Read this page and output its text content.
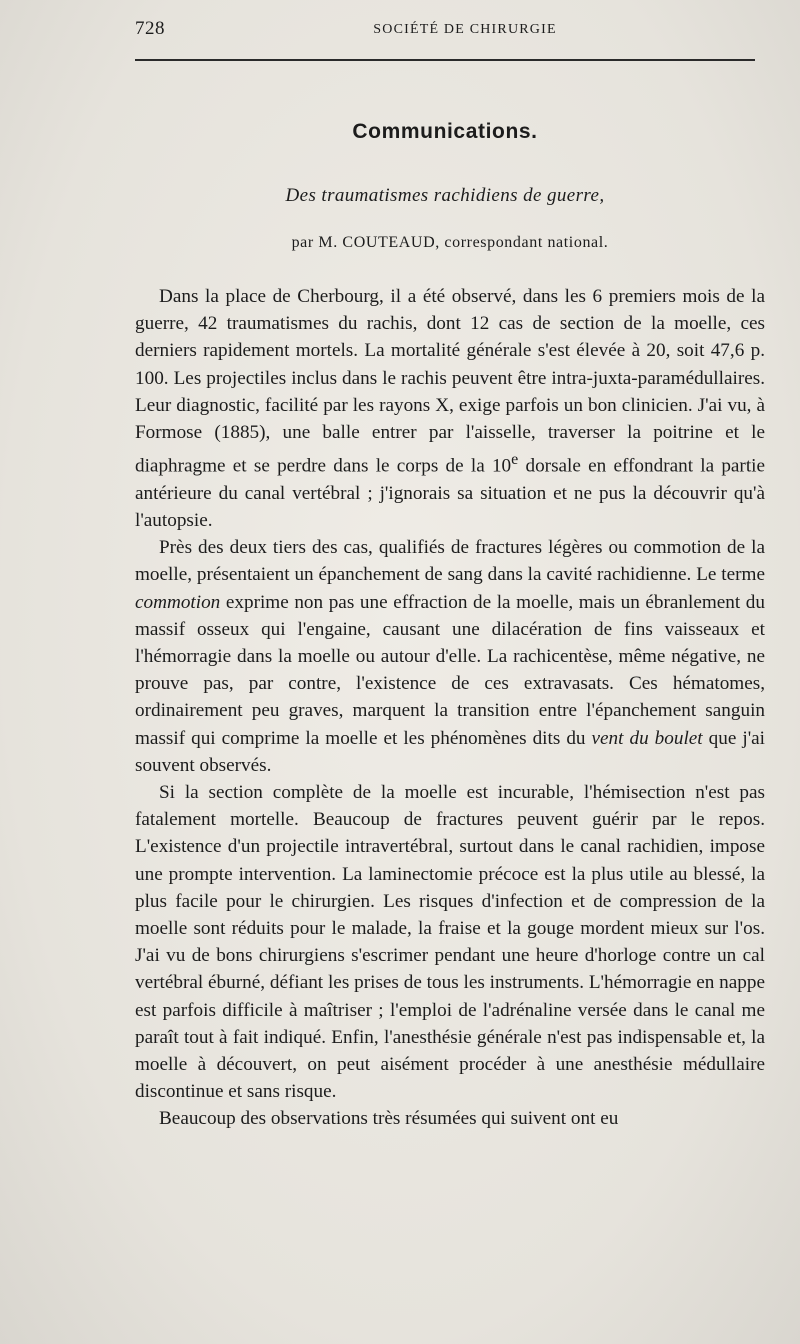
728	SOCIÉTÉ DE CHIRURGIE
Communications.
Des traumatismes rachidiens de guerre,
par M. COUTEAUD, correspondant national.

Dans la place de Cherbourg, il a été observé, dans les 6 premiers mois de la guerre, 42 traumatismes du rachis, dont 12 cas de section de la moelle, ces derniers rapidement mortels. La mortalité générale s'est élevée à 20, soit 47,6 p. 100. Les projectiles inclus dans le rachis peuvent être intra-juxta-paramédullaires. Leur diagnostic, facilité par les rayons X, exige parfois un bon clinicien. J'ai vu, à Formose (1885), une balle entrer par l'aisselle, traverser la poitrine et le diaphragme et se perdre dans le corps de la 10e dorsale en effondrant la partie antérieure du canal vertébral ; j'ignorais sa situation et ne pus la découvrir qu'à l'autopsie.

Près des deux tiers des cas, qualifiés de fractures légères ou commotion de la moelle, présentaient un épanchement de sang dans la cavité rachidienne. Le terme commotion exprime non pas une effraction de la moelle, mais un ébranlement du massif osseux qui l'engaine, causant une dilacération de fins vaisseaux et l'hémorragie dans la moelle ou autour d'elle. La rachicentèse, même négative, ne prouve pas, par contre, l'existence de ces extravasats. Ces hématomes, ordinairement peu graves, marquent la transition entre l'épanchement sanguin massif qui comprime la moelle et les phénomènes dits du vent du boulet que j'ai souvent observés.

Si la section complète de la moelle est incurable, l'hémisection n'est pas fatalement mortelle. Beaucoup de fractures peuvent guérir par le repos. L'existence d'un projectile intravertébral, surtout dans le canal rachidien, impose une prompte intervention. La laminectomie précoce est la plus utile au blessé, la plus facile pour le chirurgien. Les risques d'infection et de compression de la moelle sont réduits pour le malade, la fraise et la gouge mordent mieux sur l'os. J'ai vu de bons chirurgiens s'escrimer pendant une heure d'horloge contre un cal vertébral éburné, défiant les prises de tous les instruments. L'hémorragie en nappe est parfois difficile à maîtriser ; l'emploi de l'adrénaline versée dans le canal me paraît tout à fait indiqué. Enfin, l'anesthésie générale n'est pas indispensable et, la moelle à découvert, on peut aisément procéder à une anesthésie médullaire discontinue et sans risque.

Beaucoup des observations très résumées qui suivent ont eu
